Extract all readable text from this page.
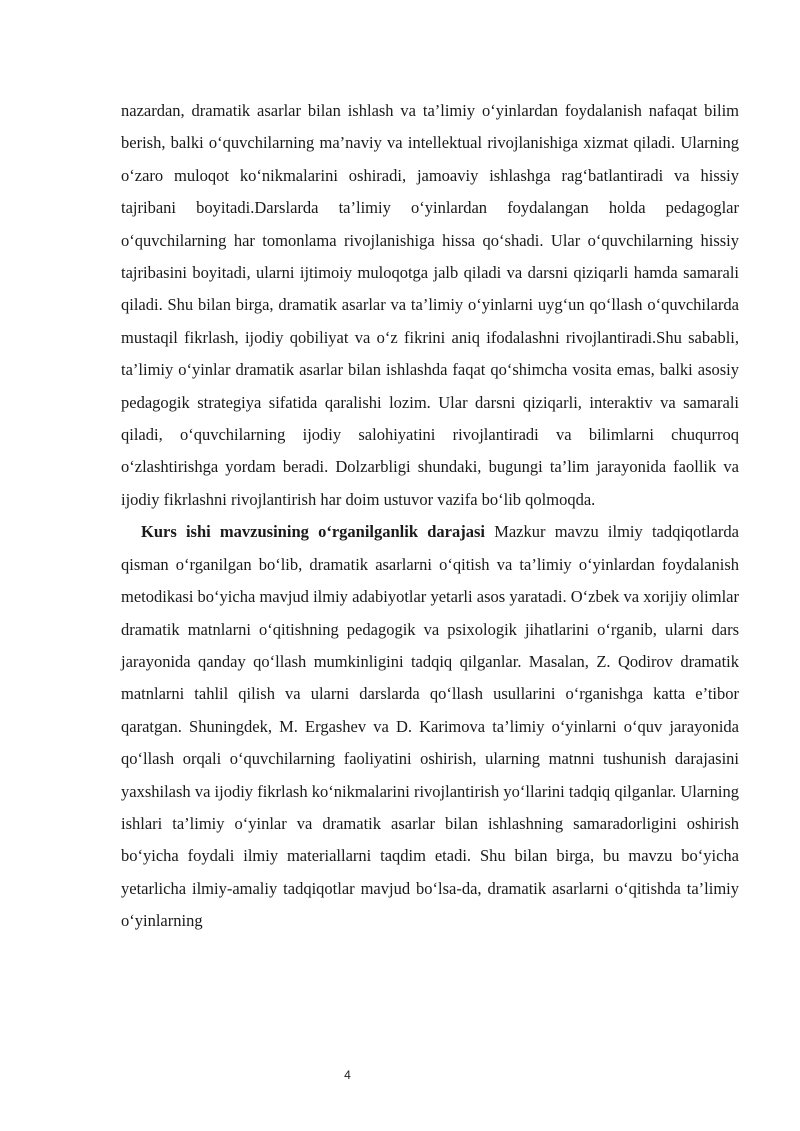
nazardan, dramatik asarlar bilan ishlash va ta’limiy o‘yinlardan foydalanish nafaqat bilim berish, balki o‘quvchilarning ma’naviy va intellektual rivojlanishiga xizmat qiladi. Ularning o‘zaro muloqot ko‘nikmalarini oshiradi, jamoaviy ishlashga rag‘batlantiradi va hissiy tajribani boyitadi.Darslarda ta’limiy o‘yinlardan foydalangan holda pedagoglar o‘quvchilarning har tomonlama rivojlanishiga hissa qo‘shadi. Ular o‘quvchilarning hissiy tajribasini boyitadi, ularni ijtimoiy muloqotga jalb qiladi va darsni qiziqarli hamda samarali qiladi. Shu bilan birga, dramatik asarlar va ta’limiy o‘yinlarni uyg‘un qo‘llash o‘quvchilarda mustaqil fikrlash, ijodiy qobiliyat va o‘z fikrini aniq ifodalashni rivojlantiradi.Shu sababli, ta’limiy o‘yinlar dramatik asarlar bilan ishlashda faqat qo‘shimcha vosita emas, balki asosiy pedagogik strategiya sifatida qaralishi lozim. Ular darsni qiziqarli, interaktiv va samarali qiladi, o‘quvchilarning ijodiy salohiyatini rivojlantiradi va bilimlarni chuqurroq o‘zlashtirishga yordam beradi. Dolzarbligi shundaki, bugungi ta’lim jarayonida faollik va ijodiy fikrlashni rivojlantirish har doim ustuvor vazifa bo‘lib qolmoqda.

Kurs ishi mavzusining o‘rganilganlik darajasi Mazkur mavzu ilmiy tadqiqotlarda qisman o‘rganilgan bo‘lib, dramatik asarlarni o‘qitish va ta’limiy o‘yinlardan foydalanish metodikasi bo‘yicha mavjud ilmiy adabiyotlar yetarli asos yaratadi. O‘zbek va xorijiy olimlar dramatik matnlarni o‘qitishning pedagogik va psixologik jihatlarini o‘rganib, ularni dars jarayonida qanday qo‘llash mumkinligini tadqiq qilganlar. Masalan, Z. Qodirov dramatik matnlarni tahlil qilish va ularni darslarda qo‘llash usullarini o‘rganishga katta e’tibor qaratgan. Shuningdek, M. Ergashev va D. Karimova ta’limiy o‘yinlarni o‘quv jarayonida qo‘llash orqali o‘quvchilarning faoliyatini oshirish, ularning matnni tushunish darajasini yaxshilash va ijodiy fikrlash ko‘nikmalarini rivojlantirish yo‘llarini tadqiq qilganlar. Ularning ishlari ta’limiy o‘yinlar va dramatik asarlar bilan ishlashning samaradorligini oshirish bo‘yicha foydali ilmiy materiallarni taqdim etadi. Shu bilan birga, bu mavzu bo‘yicha yetarlicha ilmiy-amaliy tadqiqotlar mavjud bo‘lsa-da, dramatik asarlarni o‘qitishda ta’limiy o‘yinlarning

4
